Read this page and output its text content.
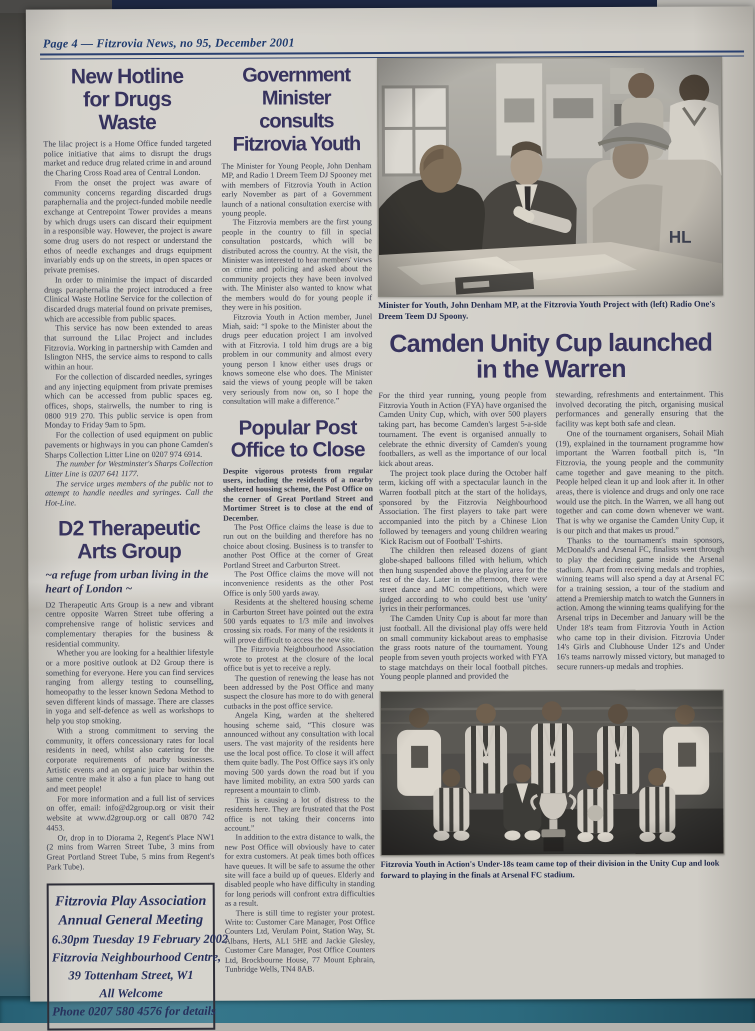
Page 4 — Fitzrovia News, no 95, December 2001
New Hotline
for Drugs
Waste

The lilac project is a Home Office funded targeted police initiative that aims to disrupt the drugs market and reduce drug related crime in and around the Charing Cross Road area of Central London.

From the onset the project was aware of community concerns regarding discarded drugs paraphernalia and the project-funded mobile needle exchange at Centrepoint Tower provides a means by which drugs users can discard their equipment in a responsible way. However, the project is aware some drug users do not respect or understand the ethos of needle exchanges and drugs equipment invariably ends up on the streets, in open spaces or private premises.

In order to minimise the impact of discarded drugs paraphernalia the project introduced a free Clinical Waste Hotline Service for the collection of discarded drugs material found on private premises, which are accessible from public spaces.

This service has now been extended to areas that surround the Lilac Project and includes Fitzrovia. Working in partnership with Camden and Islington NHS, the service aims to respond to calls within an hour.

For the collection of discarded needles, syringes and any injecting equipment from private premises which can be accessed from public spaces eg. offices, shops, stairwells, the number to ring is 0800 919 270. This public service is open from Monday to Friday 9am to 5pm.

For the collection of used equipment on public pavements or highways in you can phone Camden's Sharps Collection Litter Line on 0207 974 6914.

The number for Westminster's Sharps Collection Litter Line is 0207 641 1177.

The service urges members of the public not to attempt to handle needles and syringes. Call the Hot-Line.

D2 Therapeutic
Arts Group
~a refuge from urban living in the
heart of London ~

D2 Therapeutic Arts Group is a new and vibrant centre opposite Warren Street tube offering a comprehensive range of holistic services and complementary therapies for the business & residential community.

Whether you are looking for a healthier lifestyle or a more positive outlook at D2 Group there is something for everyone. Here you can find services ranging from allergy testing to counselling, homeopathy to the lesser known Sedona Method to seven different kinds of massage. There are classes in yoga and self-defence as well as workshops to help you stop smoking.

With a strong commitment to serving the community, it offers concessionary rates for local residents in need, whilst also catering for the corporate requirements of nearby businesses. Artistic events and an organic juice bar within the same centre make it also a fun place to hang out and meet people!

For more information and a full list of services on offer, email: info@d2group.org or visit their website at www.d2group.org or call 0870 742 4453.

Or, drop in to Diorama 2, Regent's Place NW1 (2 mins from Warren Street Tube, 3 mins from Great Portland Street Tube, 5 mins from Regent's Park Tube).

Fitzrovia Play Association
Annual General Meeting
6.30pm Tuesday 19 February 2002
Fitzrovia Neighbourhood Centre,
39 Tottenham Street, W1
All Welcome
Phone 0207 580 4576 for details
Government
Minister
consults
Fitzrovia Youth

The Minister for Young People, John Denham MP, and Radio 1 Dreem Teem DJ Spooney met with members of Fitzrovia Youth in Action early November as part of a Government launch of a national consultation exercise with young people.

The Fitzrovia members are the first young people in the country to fill in special consultation postcards, which will be distributed across the country. At the visit, the Minister was interested to hear members' views on crime and policing and asked about the community projects they have been involved with. The Minister also wanted to know what the members would do for young people if they were in his position.

Fitzrovia Youth in Action member, Junel Miah, said: “I spoke to the Minister about the drugs peer education project I am involved with at Fitzrovia. I told him drugs are a big problem in our community and almost every young person I know either uses drugs or knows someone else who does. The Minister said the views of young people will be taken very seriously from now on, so I hope the consultation will make a difference.”

Popular Post
Office to Close

Despite vigorous protests from regular users, including the residents of a nearby sheltered housing scheme, the Post Office on the corner of Great Portland Street and Mortimer Street is to close at the end of December.

The Post Office claims the lease is due to run out on the building and therefore has no choice about closing. Business is to transfer to another Post Office at the corner of Great Portland Street and Carburton Street.

The Post Office claims the move will not inconvenience residents as the other Post Office is only 500 yards away.

Residents at the sheltered housing scheme in Carburton Street have pointed out the extra 500 yards equates to 1/3 mile and involves crossing six roads. For many of the residents it will prove difficult to access the new site.

The Fitzrovia Neighbourhood Association wrote to protest at the closure of the local office but is yet to receive a reply.

The question of renewing the lease has not been addressed by the Post Office and many suspect the closure has more to do with general cutbacks in the post office service.

Angela King, warden at the sheltered housing scheme said, “This closure was announced without any consultation with local users. The vast majority of the residents here use the local post office. To close it will affect them quite badly. The Post Office says it's only moving 500 yards down the road but if you have limited mobility, an extra 500 yards can represent a mountain to climb.

This is causing a lot of distress to the residents here. They are frustrated that the Post office is not taking their concerns into account.”

In addition to the extra distance to walk, the new Post Office will obviously have to cater for extra customers. At peak times both offices have queues. It will be safe to assume the other site will face a build up of queues. Elderly and disabled people who have difficulty in standing for long periods will confront extra difficulties as a result.

There is still time to register your protest. Write to: Customer Care Manager, Post Office Counters Ltd, Verulam Point, Station Way, St. Albans, Herts, AL1 5HE and Jackie Glesley, Customer Care Manager, Post Office Counters Ltd, Brockbourne House, 77 Mount Ephrain, Tunbridge Wells, TN4 8AB.

Minister for Youth, John Denham MP, at the Fitzrovia Youth Project with (left) Radio One's Dreem Teem DJ Spoony.
Camden Unity Cup launched
in the Warren

For the third year running, young people from Fitzrovia Youth in Action (FYA) have organised the Camden Unity Cup, which, with over 500 players taking part, has become Camden's largest 5-a-side tournament. The event is organised annually to celebrate the ethnic diversity of Camden's young footballers, as well as the importance of our local kick about areas.

The project took place during the October half term, kicking off with a spectacular launch in the Warren football pitch at the start of the holidays, sponsored by the Fitzrovia Neighbourhood Association. The first players to take part were accompanied into the pitch by a Chinese Lion followed by teenagers and young children wearing 'Kick Racism out of Football' T-shirts.

The children then released dozens of giant globe-shaped balloons filled with helium, which then hung suspended above the playing area for the rest of the day. Later in the afternoon, there were street dance and MC competitions, which were judged according to who could best use 'unity' lyrics in their performances.

The Camden Unity Cup is about far more than just football. All the divisional play offs were held on small community kickabout areas to emphasise the grass roots nature of the tournament. Young people from seven youth projects worked with FYA to stage matchdays on their local football pitches. Young people planned and provided the

stewarding, refreshments and entertainment. This involved decorating the pitch, organising musical performances and generally ensuring that the facility was kept both safe and clean.

One of the tournament organisers, Sohail Miah (19), explained in the tournament programme how important the Warren football pitch is, “In Fitzrovia, the young people and the community came together and gave meaning to the pitch. People helped clean it up and look after it. In other areas, there is violence and drugs and only one race would use the pitch. In the Warren, we all hang out together and can come down whenever we want. That is why we organise the Camden Unity Cup, it is our pitch and that makes us proud.”

Thanks to the tournament's main sponsors, McDonald's and Arsenal FC, finalists went through to play the deciding game inside the Arsenal stadium. Apart from receiving medals and trophies, winning teams will also spend a day at Arsenal FC for a training session, a tour of the stadium and attend a Premiership match to watch the Gunners in action. Among the winning teams qualifying for the Arsenal trips in December and January will be the Under 18's team from Fitzrovia Youth in Action who came top in their division. Fitzrovia Under 14's Girls and Clubhouse Under 12's and Under 16's teams narrowly missed victory, but managed to secure runners-up medals and trophies.

Fitzrovia Youth in Action's Under-18s team came top of their division in the Unity Cup and look forward to playing in the finals at Arsenal FC stadium.
